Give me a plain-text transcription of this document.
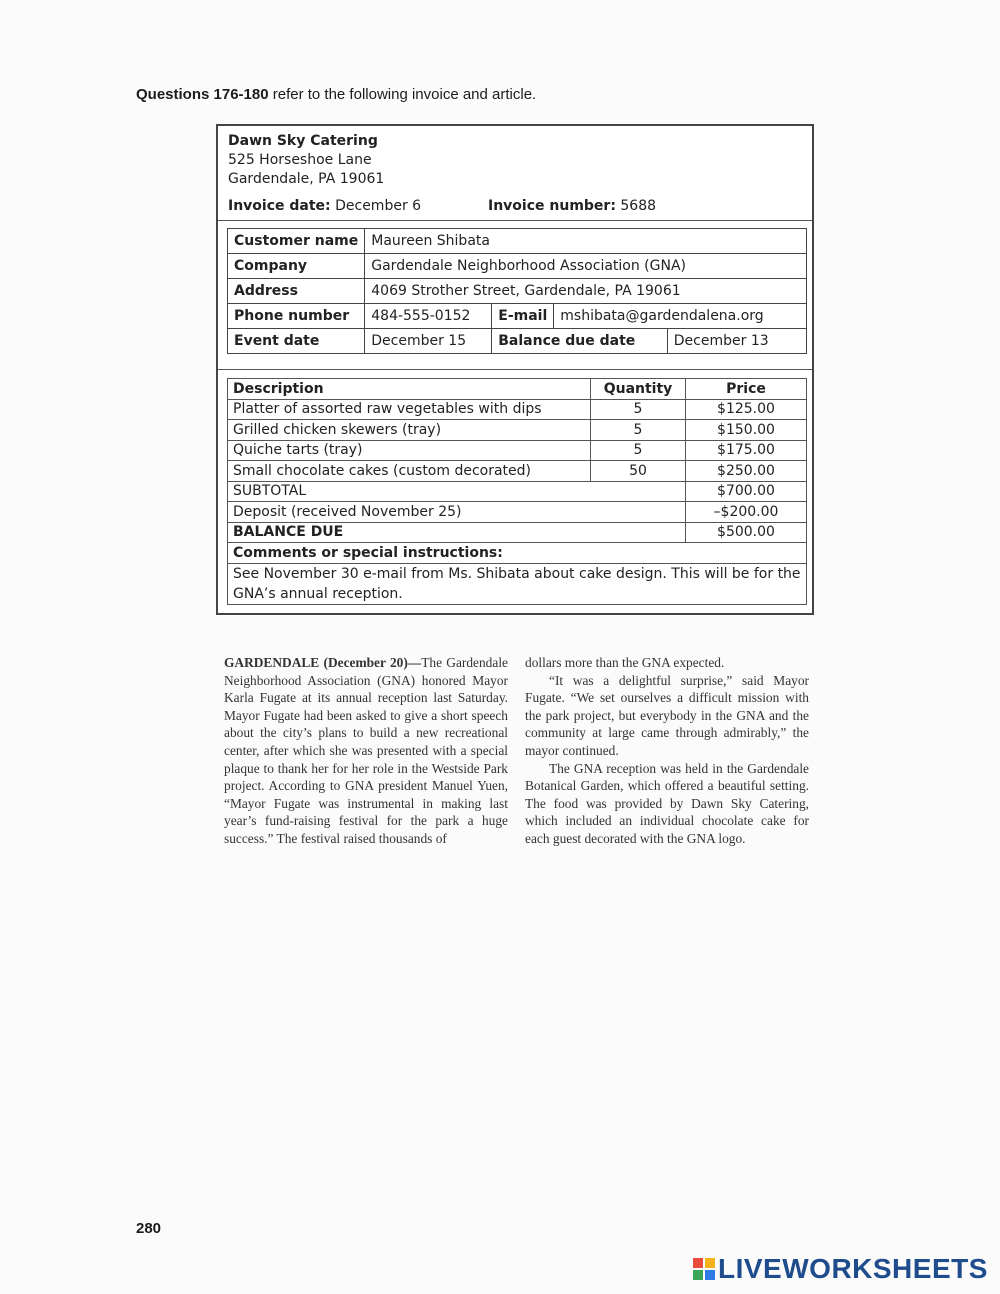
Questions 176-180 refer to the following invoice and article.
Dawn Sky Catering
525 Horseshoe Lane
Gardendale, PA 19061
Invoice date: December 6	Invoice number: 5688
Customer name	Maureen Shibata			
Company	Gardendale Neighborhood Association (GNA)			
Address	4069 Strother Street, Gardendale, PA 19061			
Phone number	484-555-0152	E-mail	mshibata@gardendalena.org	
Event date	December 15	Balance due date		December 13
Description	Quantity	Price
Platter of assorted raw vegetables with dips	5	$125.00
Grilled chicken skewers (tray)	5	$150.00
Quiche tarts (tray)	5	$175.00
Small chocolate cakes (custom decorated)	50	$250.00
SUBTOTAL		$700.00
Deposit (received November 25)		–$200.00
BALANCE DUE		$500.00
Comments or special instructions:		
See November 30 e-mail from Ms. Shibata about cake design. This will be for the GNA’s annual reception.		

GARDENDALE (December 20)—The Gardendale Neighborhood Association (GNA) honored Mayor Karla Fugate at its annual reception last Saturday. Mayor Fugate had been asked to give a short speech about the city’s plans to build a new recreational center, after which she was presented with a special plaque to thank her for her role in the Westside Park project. According to GNA president Manuel Yuen, “Mayor Fugate was instrumental in making last year’s fund-raising festival for the park a huge success.” The festival raised thousands of

dollars more than the GNA expected.

“It was a delightful surprise,” said Mayor Fugate. “We set ourselves a difficult mission with the park project, but everybody in the GNA and the community at large came through admirably,” the mayor continued.

The GNA reception was held in the Gardendale Botanical Garden, which offered a beautiful setting. The food was provided by Dawn Sky Catering, which included an individual chocolate cake for each guest decorated with the GNA logo.

280
LIVEWORKSHEETS
